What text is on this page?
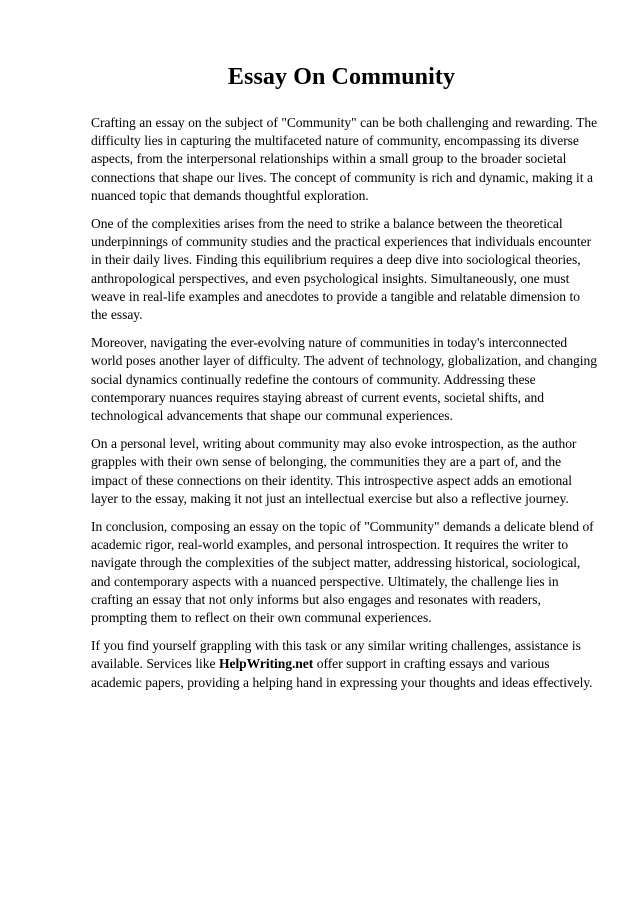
Essay On Community

Crafting an essay on the subject of "Community" can be both challenging and rewarding. The difficulty lies in capturing the multifaceted nature of community, encompassing its diverse aspects, from the interpersonal relationships within a small group to the broader societal connections that shape our lives. The concept of community is rich and dynamic, making it a nuanced topic that demands thoughtful exploration.

One of the complexities arises from the need to strike a balance between the theoretical underpinnings of community studies and the practical experiences that individuals encounter in their daily lives. Finding this equilibrium requires a deep dive into sociological theories, anthropological perspectives, and even psychological insights. Simultaneously, one must weave in real-life examples and anecdotes to provide a tangible and relatable dimension to the essay.

Moreover, navigating the ever-evolving nature of communities in today's interconnected world poses another layer of difficulty. The advent of technology, globalization, and changing social dynamics continually redefine the contours of community. Addressing these contemporary nuances requires staying abreast of current events, societal shifts, and technological advancements that shape our communal experiences.

On a personal level, writing about community may also evoke introspection, as the author grapples with their own sense of belonging, the communities they are a part of, and the impact of these connections on their identity. This introspective aspect adds an emotional layer to the essay, making it not just an intellectual exercise but also a reflective journey.

In conclusion, composing an essay on the topic of "Community" demands a delicate blend of academic rigor, real-world examples, and personal introspection. It requires the writer to navigate through the complexities of the subject matter, addressing historical, sociological, and contemporary aspects with a nuanced perspective. Ultimately, the challenge lies in crafting an essay that not only informs but also engages and resonates with readers, prompting them to reflect on their own communal experiences.

If you find yourself grappling with this task or any similar writing challenges, assistance is available. Services like HelpWriting.net offer support in crafting essays and various academic papers, providing a helping hand in expressing your thoughts and ideas effectively.
